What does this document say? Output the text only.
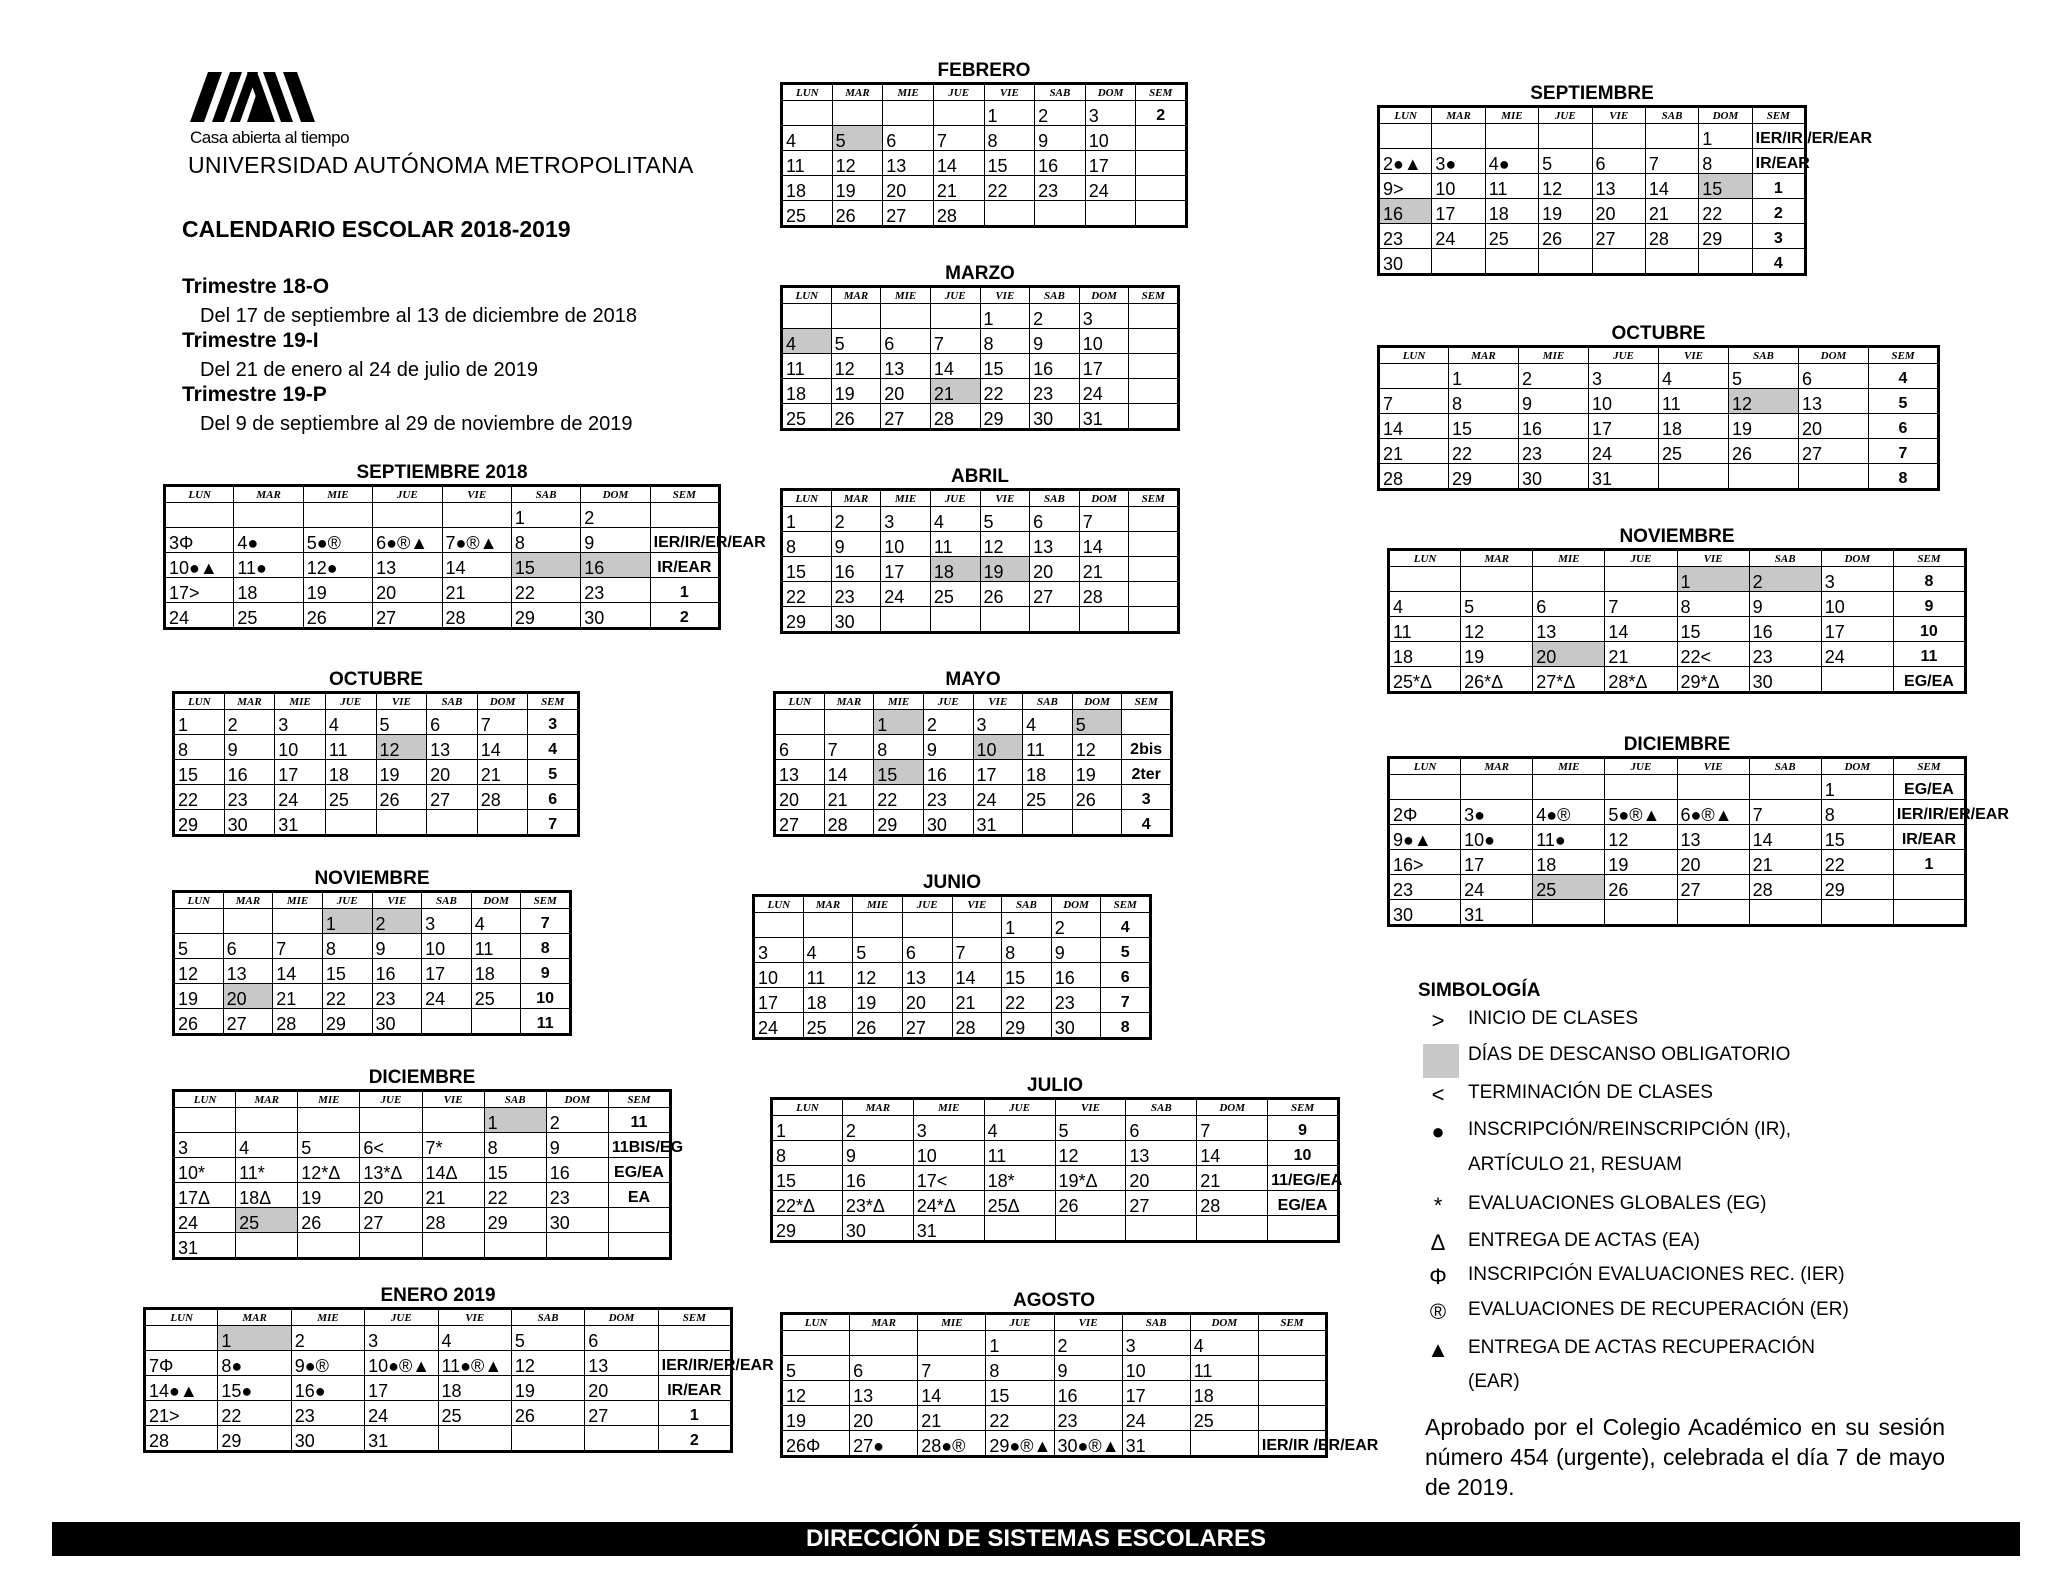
Casa abierta al tiempo
UNIVERSIDAD AUTÓNOMA METROPOLITANA
CALENDARIO ESCOLAR 2018-2019
Trimestre 18-O
Del 17 de septiembre al 13 de diciembre de 2018
Trimestre 19-I
Del 21 de enero al 24 de julio de 2019
Trimestre 19-P
Del 9 de septiembre al 29 de noviembre de 2019
SEPTIEMBRE 2018
LUN	MAR	MIE	JUE	VIE	SAB	DOM	SEM
					1	2	
3Φ	4●	5●®	6●®▲	7●®▲	8	9	IER/IR/ER/EAR
10●▲	11●	12●	13	14	15	16	IR/EAR
17>	18	19	20	21	22	23	1
24	25	26	27	28	29	30	2
OCTUBRE
LUN	MAR	MIE	JUE	VIE	SAB	DOM	SEM
1	2	3	4	5	6	7	3
8	9	10	11	12	13	14	4
15	16	17	18	19	20	21	5
22	23	24	25	26	27	28	6
29	30	31					7
NOVIEMBRE
LUN	MAR	MIE	JUE	VIE	SAB	DOM	SEM
			1	2	3	4	7
5	6	7	8	9	10	11	8
12	13	14	15	16	17	18	9
19	20	21	22	23	24	25	10
26	27	28	29	30			11
DICIEMBRE
LUN	MAR	MIE	JUE	VIE	SAB	DOM	SEM
					1	2	11
3	4	5	6<	7*	8	9	11BIS/EG
10*	11*	12*Δ	13*Δ	14Δ	15	16	EG/EA
17Δ	18Δ	19	20	21	22	23	EA
24	25	26	27	28	29	30	
31							
ENERO 2019
LUN	MAR	MIE	JUE	VIE	SAB	DOM	SEM
	1	2	3	4	5	6	
7Φ	8●	9●®	10●®▲	11●®▲	12	13	IER/IR/ER/EAR
14●▲	15●	16●	17	18	19	20	IR/EAR
21>	22	23	24	25	26	27	1
28	29	30	31				2
FEBRERO
LUN	MAR	MIE	JUE	VIE	SAB	DOM	SEM
				1	2	3	2
4	5	6	7	8	9	10	
11	12	13	14	15	16	17	
18	19	20	21	22	23	24	
25	26	27	28				
MARZO
LUN	MAR	MIE	JUE	VIE	SAB	DOM	SEM
				1	2	3	
4	5	6	7	8	9	10	
11	12	13	14	15	16	17	
18	19	20	21	22	23	24	
25	26	27	28	29	30	31	
ABRIL
LUN	MAR	MIE	JUE	VIE	SAB	DOM	SEM
1	2	3	4	5	6	7	
8	9	10	11	12	13	14	
15	16	17	18	19	20	21	
22	23	24	25	26	27	28	
29	30						
MAYO
LUN	MAR	MIE	JUE	VIE	SAB	DOM	SEM
		1	2	3	4	5	
6	7	8	9	10	11	12	2bis
13	14	15	16	17	18	19	2ter
20	21	22	23	24	25	26	3
27	28	29	30	31			4
JUNIO
LUN	MAR	MIE	JUE	VIE	SAB	DOM	SEM
					1	2	4
3	4	5	6	7	8	9	5
10	11	12	13	14	15	16	6
17	18	19	20	21	22	23	7
24	25	26	27	28	29	30	8
JULIO
LUN	MAR	MIE	JUE	VIE	SAB	DOM	SEM
1	2	3	4	5	6	7	9
8	9	10	11	12	13	14	10
15	16	17<	18*	19*Δ	20	21	11/EG/EA
22*Δ	23*Δ	24*Δ	25Δ	26	27	28	EG/EA
29	30	31					
AGOSTO
LUN	MAR	MIE	JUE	VIE	SAB	DOM	SEM
			1	2	3	4	
5	6	7	8	9	10	11	
12	13	14	15	16	17	18	
19	20	21	22	23	24	25	
26Φ	27●	28●®	29●®▲	30●®▲	31		IER/IR /ER/EAR
SEPTIEMBRE
LUN	MAR	MIE	JUE	VIE	SAB	DOM	SEM
						1	IER/IR /ER/EAR
2●▲	3●	4●	5	6	7	8	IR/EAR
9>	10	11	12	13	14	15	1
16	17	18	19	20	21	22	2
23	24	25	26	27	28	29	3
30							4
OCTUBRE
LUN	MAR	MIE	JUE	VIE	SAB	DOM	SEM
	1	2	3	4	5	6	4
7	8	9	10	11	12	13	5
14	15	16	17	18	19	20	6
21	22	23	24	25	26	27	7
28	29	30	31				8
NOVIEMBRE
LUN	MAR	MIE	JUE	VIE	SAB	DOM	SEM
				1	2	3	8
4	5	6	7	8	9	10	9
11	12	13	14	15	16	17	10
18	19	20	21	22<	23	24	11
25*Δ	26*Δ	27*Δ	28*Δ	29*Δ	30		EG/EA
DICIEMBRE
LUN	MAR	MIE	JUE	VIE	SAB	DOM	SEM
						1	EG/EA
2Φ	3●	4●®	5●®▲	6●®▲	7	8	IER/IR/ER/EAR
9●▲	10●	11●	12	13	14	15	IR/EAR
16>	17	18	19	20	21	22	1
23	24	25	26	27	28	29	
30	31						
SIMBOLOGÍA
>	INICIO DE CLASES
DÍAS DE DESCANSO OBLIGATORIO
<	TERMINACIÓN DE CLASES
●	INSCRIPCIÓN/REINSCRIPCIÓN (IR),
ARTÍCULO 21, RESUAM
*	EVALUACIONES GLOBALES (EG)
Δ	ENTREGA DE ACTAS (EA)
Φ	INSCRIPCIÓN EVALUACIONES REC. (IER)
®	EVALUACIONES DE RECUPERACIÓN (ER)
▲	ENTREGA DE ACTAS RECUPERACIÓN
(EAR)
Aprobado por el Colegio Académico en su sesión número 454 (urgente), celebrada el día 7 de mayo de 2019.
DIRECCIÓN DE SISTEMAS ESCOLARES
